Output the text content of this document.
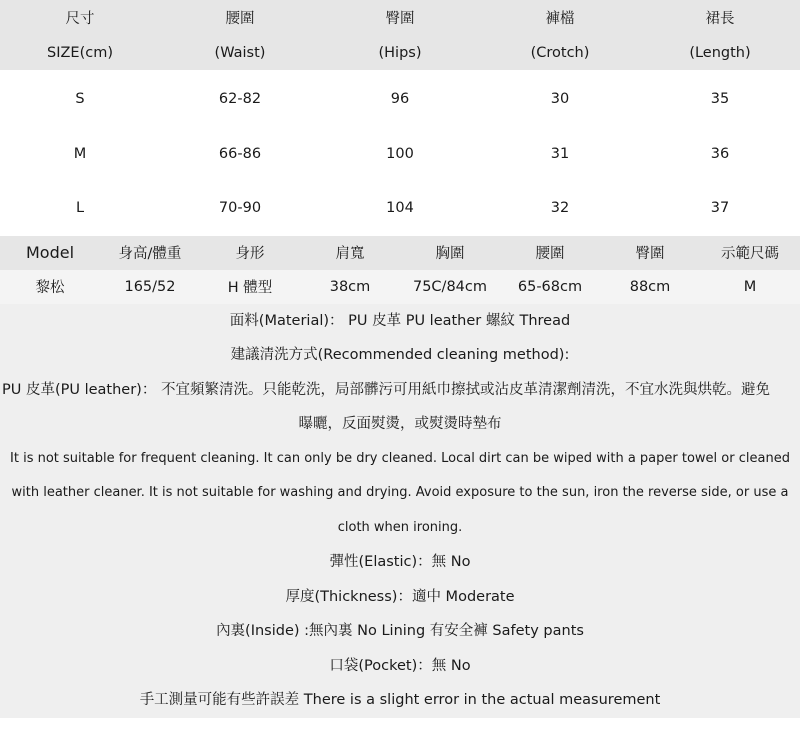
尺寸	腰圍	臀圍	褲檔	裙長
SIZE(cm)	(Waist)	(Hips)	(Crotch)	(Length)
S	62-82	96	30	35
M	66-86	100	31	36
L	70-90	104	32	37
Model	身高/體重	身形	肩寬	胸圍	腰圍	臀圍	示範尺碼
黎松	165/52	H 體型	38cm	75C/84cm	65-68cm	88cm	M
面料(Material)： PU 皮革 PU leather 螺紋 Thread
建議清洗方式(Recommended cleaning method):
PU 皮革(PU leather)： 不宜頻繁清洗。只能乾洗，局部髒污可用紙巾擦拭或沾皮革清潔劑清洗，不宜水洗與烘乾。避免
曝曬，反面熨燙，或熨燙時墊布
It is not suitable for frequent cleaning. It can only be dry cleaned. Local dirt can be wiped with a paper towel or cleaned
with leather cleaner. It is not suitable for washing and drying. Avoid exposure to the sun, iron the reverse side, or use a
cloth when ironing.
彈性(Elastic)：無 No
厚度(Thickness)：適中 Moderate
內裏(Inside) :無內裏 No Lining 有安全褲 Safety pants
口袋(Pocket)：無 No
手工測量可能有些許誤差 There is a slight error in the actual measurement
